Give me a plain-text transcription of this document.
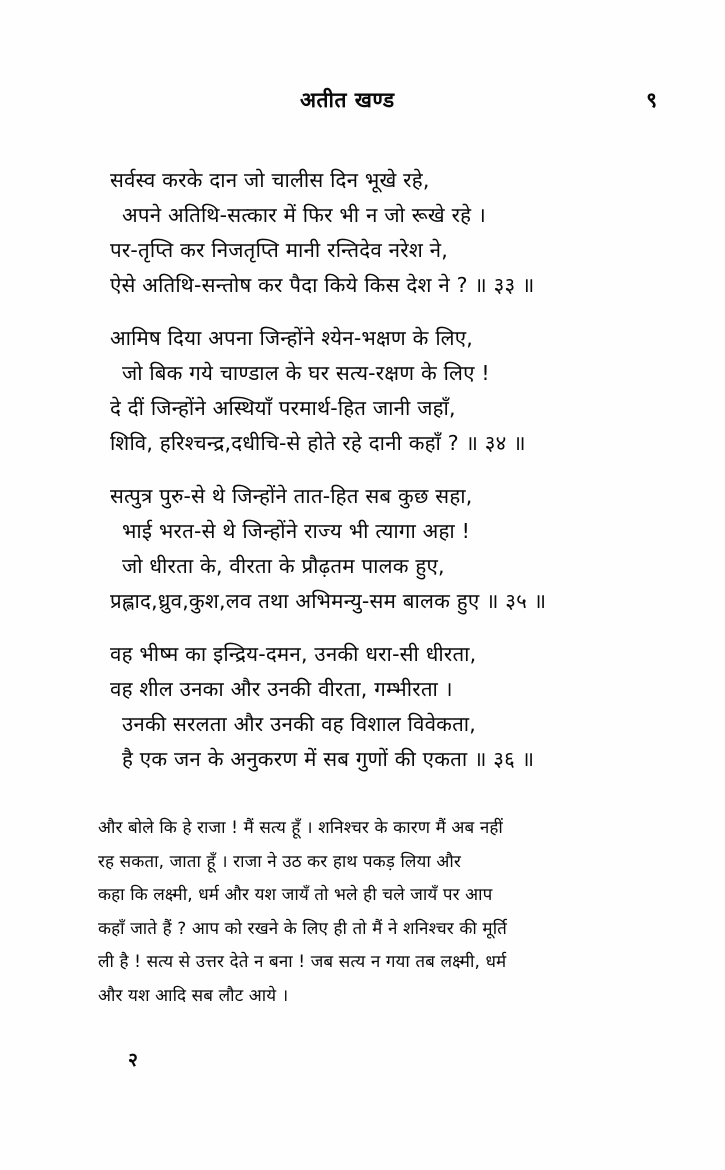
अतीत खण्ड	९
सर्वस्व करके दान जो चालीस दिन भूखे रहे,
अपने अतिथि-सत्कार में फिर भी न जो रूखे रहे ।
पर-तृप्ति कर निजतृप्ति मानी रन्तिदेव नरेश ने,
ऐसे अतिथि-सन्तोष कर पैदा किये किस देश ने ? ॥ ३३ ॥
आमिष दिया अपना जिन्होंने श्येन-भक्षण के लिए,
जो बिक गये चाण्डाल के घर सत्य-रक्षण के लिए !
दे दीं जिन्होंने अस्थियाँ परमार्थ-हित जानी जहाँ,
शिवि, हरिश्चन्द्र,दधीचि-से होते रहे दानी कहाँ ? ॥ ३४ ॥
सत्पुत्र पुरु-से थे जिन्होंने तात-हित सब कुछ सहा,
भाई भरत-से थे जिन्होंने राज्य भी त्यागा अहा !
जो धीरता के, वीरता के प्रौढ़तम पालक हुए,
प्रह्लाद,ध्रुव,कुश,लव तथा अभिमन्यु-सम बालक हुए ॥ ३५ ॥
वह भीष्म का इन्द्रिय-दमन, उनकी धरा-सी धीरता,
वह शील उनका और उनकी वीरता, गम्भीरता ।
उनकी सरलता और उनकी वह विशाल विवेकता,
है एक जन के अनुकरण में सब गुणों की एकता ॥ ३६ ॥
और बोले कि हे राजा ! मैं सत्य हूँ । शनिश्चर के कारण मैं अब नहीं
रह सकता, जाता हूँ । राजा ने उठ कर हाथ पकड़ लिया और
कहा कि लक्ष्मी, धर्म और यश जायँ तो भले ही चले जायँ पर आप
कहाँ जाते हैं ? आप को रखने के लिए ही तो मैं ने शनिश्चर की मूर्ति
ली है ! सत्य से उत्तर देते न बना ! जब सत्य न गया तब लक्ष्मी, धर्म
और यश आदि सब लौट आये ।
२
